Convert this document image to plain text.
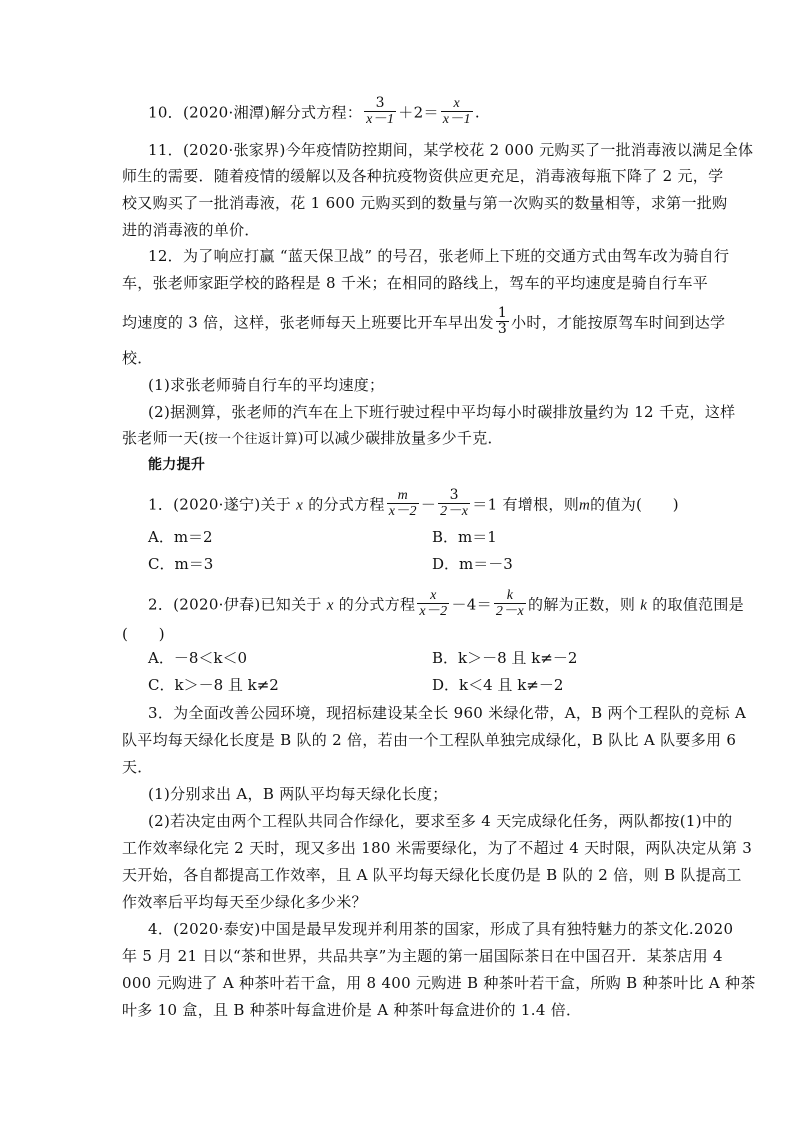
10．(2020·湘潭)解分式方程： $\frac{3}{x-1} +2= \frac{x}{x-1}$ .
11．(2020·张家界)今年疫情防控期间，某学校花 2 000 元购买了一批消毒液以满足全体
师生的需要．随着疫情的缓解以及各种抗疫物资供应更充足，消毒液每瓶下降了 2 元，学
校又购买了一批消毒液，花 1 600 元购买到的数量与第一次购买的数量相等，求第一批购
进的消毒液的单价．
12．为了响应打赢 “蓝天保卫战” 的号召，张老师上下班的交通方式由驾车改为骑自行
车，张老师家距学校的路程是 8 千米；在相同的路线上，驾车的平均速度是骑自行车平
均速度的 3 倍，这样，张老师每天上班要比开车早出发 $\frac{1}{3}$ 小时，才能按原驾车时间到达学
校．
(1)求张老师骑自行车的平均速度；
(2)据测算，张老师的汽车在上下班行驶过程中平均每小时碳排放量约为 12 千克，这样
张老师一天(按一个往返计算)可以减少碳排放量多少千克．
能力提升
1．(2020·遂宁)关于 x 的分式方程 $\frac{m}{x-2} - \frac{3}{2-x} =1$ 有增根，则m的值为(　　)
A．m＝2	B．m＝1
C．m＝3	D．m＝－3
2．(2020·伊春)已知关于 x 的分式方程 $\frac{x}{x-2} -4= \frac{k}{2-x}$ 的解为正数，则 k 的取值范围是
(　　)
A．－8＜k＜0	B．k＞－8 且 k≠－2
C．k＞－8 且 k≠2	D．k＜4 且 k≠－2
3．为全面改善公园环境，现招标建设某全长 960 米绿化带，A，B 两个工程队的竞标 A
队平均每天绿化长度是 B 队的 2 倍，若由一个工程队单独完成绿化，B 队比 A 队要多用 6
天．
(1)分别求出 A，B 两队平均每天绿化长度；
(2)若决定由两个工程队共同合作绿化，要求至多 4 天完成绿化任务，两队都按(1)中的
工作效率绿化完 2 天时，现又多出 180 米需要绿化，为了不超过 4 天时限，两队决定从第 3
天开始，各自都提高工作效率，且 A 队平均每天绿化长度仍是 B 队的 2 倍，则 B 队提高工
作效率后平均每天至少绿化多少米？
4．(2020·泰安)中国是最早发现并利用茶的国家，形成了具有独特魅力的茶文化.2020
年 5 月 21 日以“茶和世界，共品共享”为主题的第一届国际茶日在中国召开．某茶店用 4
000 元购进了 A 种茶叶若干盒，用 8 400 元购进 B 种茶叶若干盒，所购 B 种茶叶比 A 种茶
叶多 10 盒，且 B 种茶叶每盒进价是 A 种茶叶每盒进价的 1.4 倍．
